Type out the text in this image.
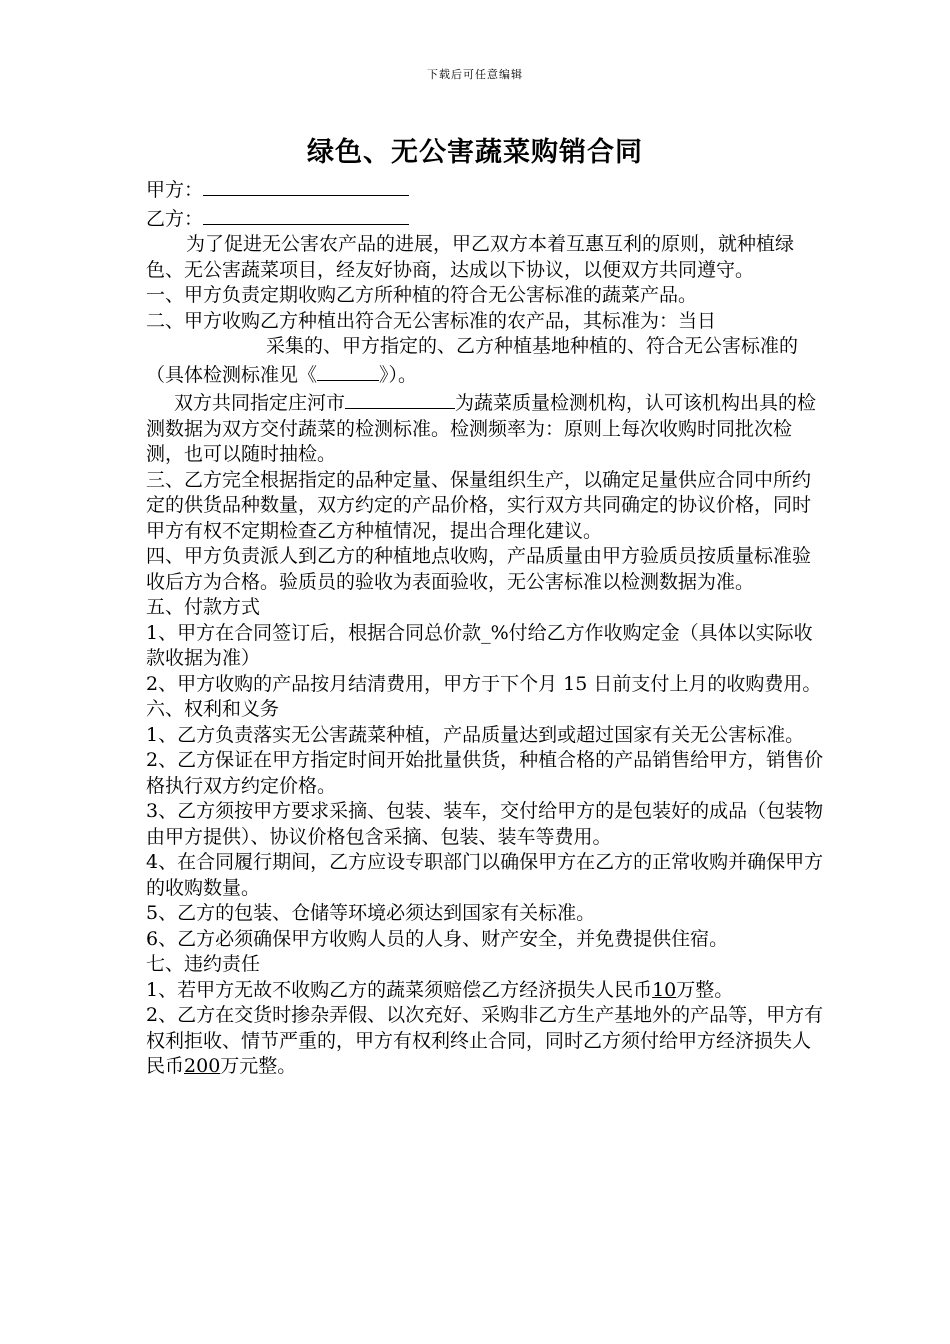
下载后可任意编辑
绿色、无公害蔬菜购销合同

甲方：

乙方：

为了促进无公害农产品的进展，甲乙双方本着互惠互利的原则，就种植绿色、无公害蔬菜项目，经友好协商，达成以下协议，以便双方共同遵守。

一、甲方负责定期收购乙方所种植的符合无公害标准的蔬菜产品。

二、甲方收购乙方种植出符合无公害标准的农产品，其标准为：当日采集的、甲方指定的、乙方种植基地种植的、符合无公害标准的（具体检测标准见《	》）。

双方共同指定庄河市	为蔬菜质量检测机构，认可该机构出具的检测数据为双方交付蔬菜的检测标准。检测频率为：原则上每次收购时同批次检测，也可以随时抽检。

三、乙方完全根据指定的品种定量、保量组织生产，以确定足量供应合同中所约定的供货品种数量，双方约定的产品价格，实行双方共同确定的协议价格，同时甲方有权不定期检查乙方种植情况，提出合理化建议。

四、甲方负责派人到乙方的种植地点收购，产品质量由甲方验质员按质量标准验收后方为合格。验质员的验收为表面验收，无公害标准以检测数据为准。

五、付款方式

1、甲方在合同签订后，根据合同总价款_%付给乙方作收购定金（具体以实际收款收据为准）

2、甲方收购的产品按月结清费用，甲方于下个月 15 日前支付上月的收购费用。

六、权利和义务

1、乙方负责落实无公害蔬菜种植，产品质量达到或超过国家有关无公害标准。

2、乙方保证在甲方指定时间开始批量供货，种植合格的产品销售给甲方，销售价格执行双方约定价格。

3、乙方须按甲方要求采摘、包装、装车，交付给甲方的是包装好的成品（包装物由甲方提供）、协议价格包含采摘、包装、装车等费用。

4、在合同履行期间，乙方应设专职部门以确保甲方在乙方的正常收购并确保甲方的收购数量。

5、乙方的包装、仓储等环境必须达到国家有关标准。

6、乙方必须确保甲方收购人员的人身、财产安全，并免费提供住宿。

七、违约责任

1、若甲方无故不收购乙方的蔬菜须赔偿乙方经济损失人民币10万整。

2、乙方在交货时掺杂弄假、以次充好、采购非乙方生产基地外的产品等，甲方有权利拒收、情节严重的，甲方有权利终止合同，同时乙方须付给甲方经济损失人民币200万元整。
